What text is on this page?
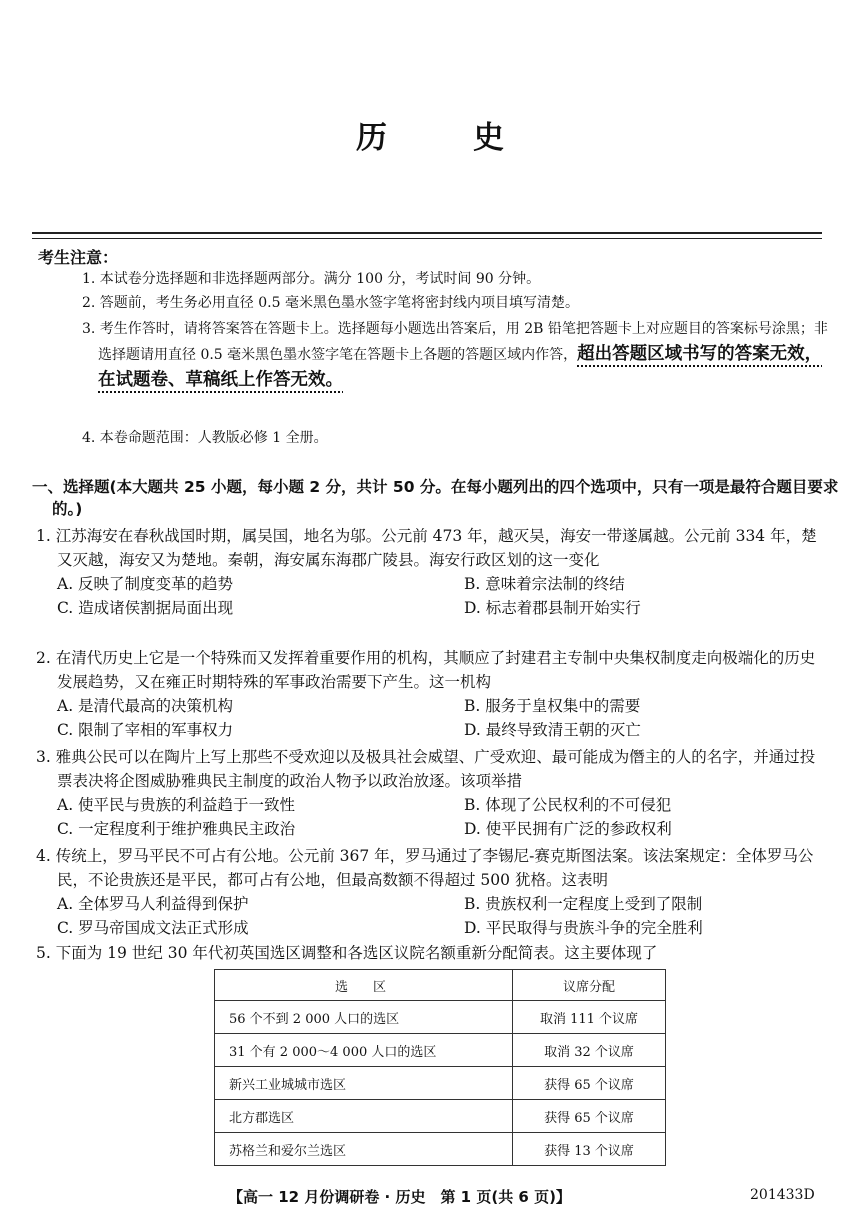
历	史
考生注意：
1. 本试卷分选择题和非选择题两部分。满分 100 分，考试时间 90 分钟。
2. 答题前，考生务必用直径 0.5 毫米黑色墨水签字笔将密封线内项目填写清楚。
3. 考生作答时，请将答案答在答题卡上。选择题每小题选出答案后，用 2B 铅笔把答题卡上对应题目的答案标号涂黑；非选择题请用直径 0.5 毫米黑色墨水签字笔在答题卡上各题的答题区域内作答，超出答题区域书写的答案无效，在试题卷、草稿纸上作答无效。
4. 本卷命题范围：人教版必修 1 全册。
一、选择题(本大题共 25 小题，每小题 2 分，共计 50 分。在每小题列出的四个选项中，只有一项是最符合题目要求的。)
1. 江苏海安在春秋战国时期，属吴国，地名为邬。公元前 473 年，越灭吴，海安一带遂属越。公元前 334 年，楚又灭越，海安又为楚地。秦朝，海安属东海郡广陵县。海安行政区划的这一变化
A. 反映了制度变革的趋势	B. 意味着宗法制的终结
C. 造成诸侯割据局面出现	D. 标志着郡县制开始实行
2. 在清代历史上它是一个特殊而又发挥着重要作用的机构，其顺应了封建君主专制中央集权制度走向极端化的历史发展趋势，又在雍正时期特殊的军事政治需要下产生。这一机构
A. 是清代最高的决策机构	B. 服务于皇权集中的需要
C. 限制了宰相的军事权力	D. 最终导致清王朝的灭亡
3. 雅典公民可以在陶片上写上那些不受欢迎以及极具社会威望、广受欢迎、最可能成为僭主的人的名字，并通过投票表决将企图威胁雅典民主制度的政治人物予以政治放逐。该项举措
A. 使平民与贵族的利益趋于一致性	B. 体现了公民权利的不可侵犯
C. 一定程度利于维护雅典民主政治	D. 使平民拥有广泛的参政权利
4. 传统上，罗马平民不可占有公地。公元前 367 年，罗马通过了李锡尼-赛克斯图法案。该法案规定：全体罗马公民，不论贵族还是平民，都可占有公地，但最高数额不得超过 500 犹格。这表明
A. 全体罗马人利益得到保护	B. 贵族权利一定程度上受到了限制
C. 罗马帝国成文法正式形成	D. 平民取得与贵族斗争的完全胜利
5. 下面为 19 世纪 30 年代初英国选区调整和各选区议院名额重新分配简表。这主要体现了
选　区	议席分配
56 个不到 2 000 人口的选区	取消 111 个议席
31 个有 2 000～4 000 人口的选区	取消 32 个议席
新兴工业城城市选区	获得 65 个议席
北方郡选区	获得 65 个议席
苏格兰和爱尔兰选区	获得 13 个议席
【高一 12 月份调研卷 · 历史　第 1 页(共 6 页)】	201433D
